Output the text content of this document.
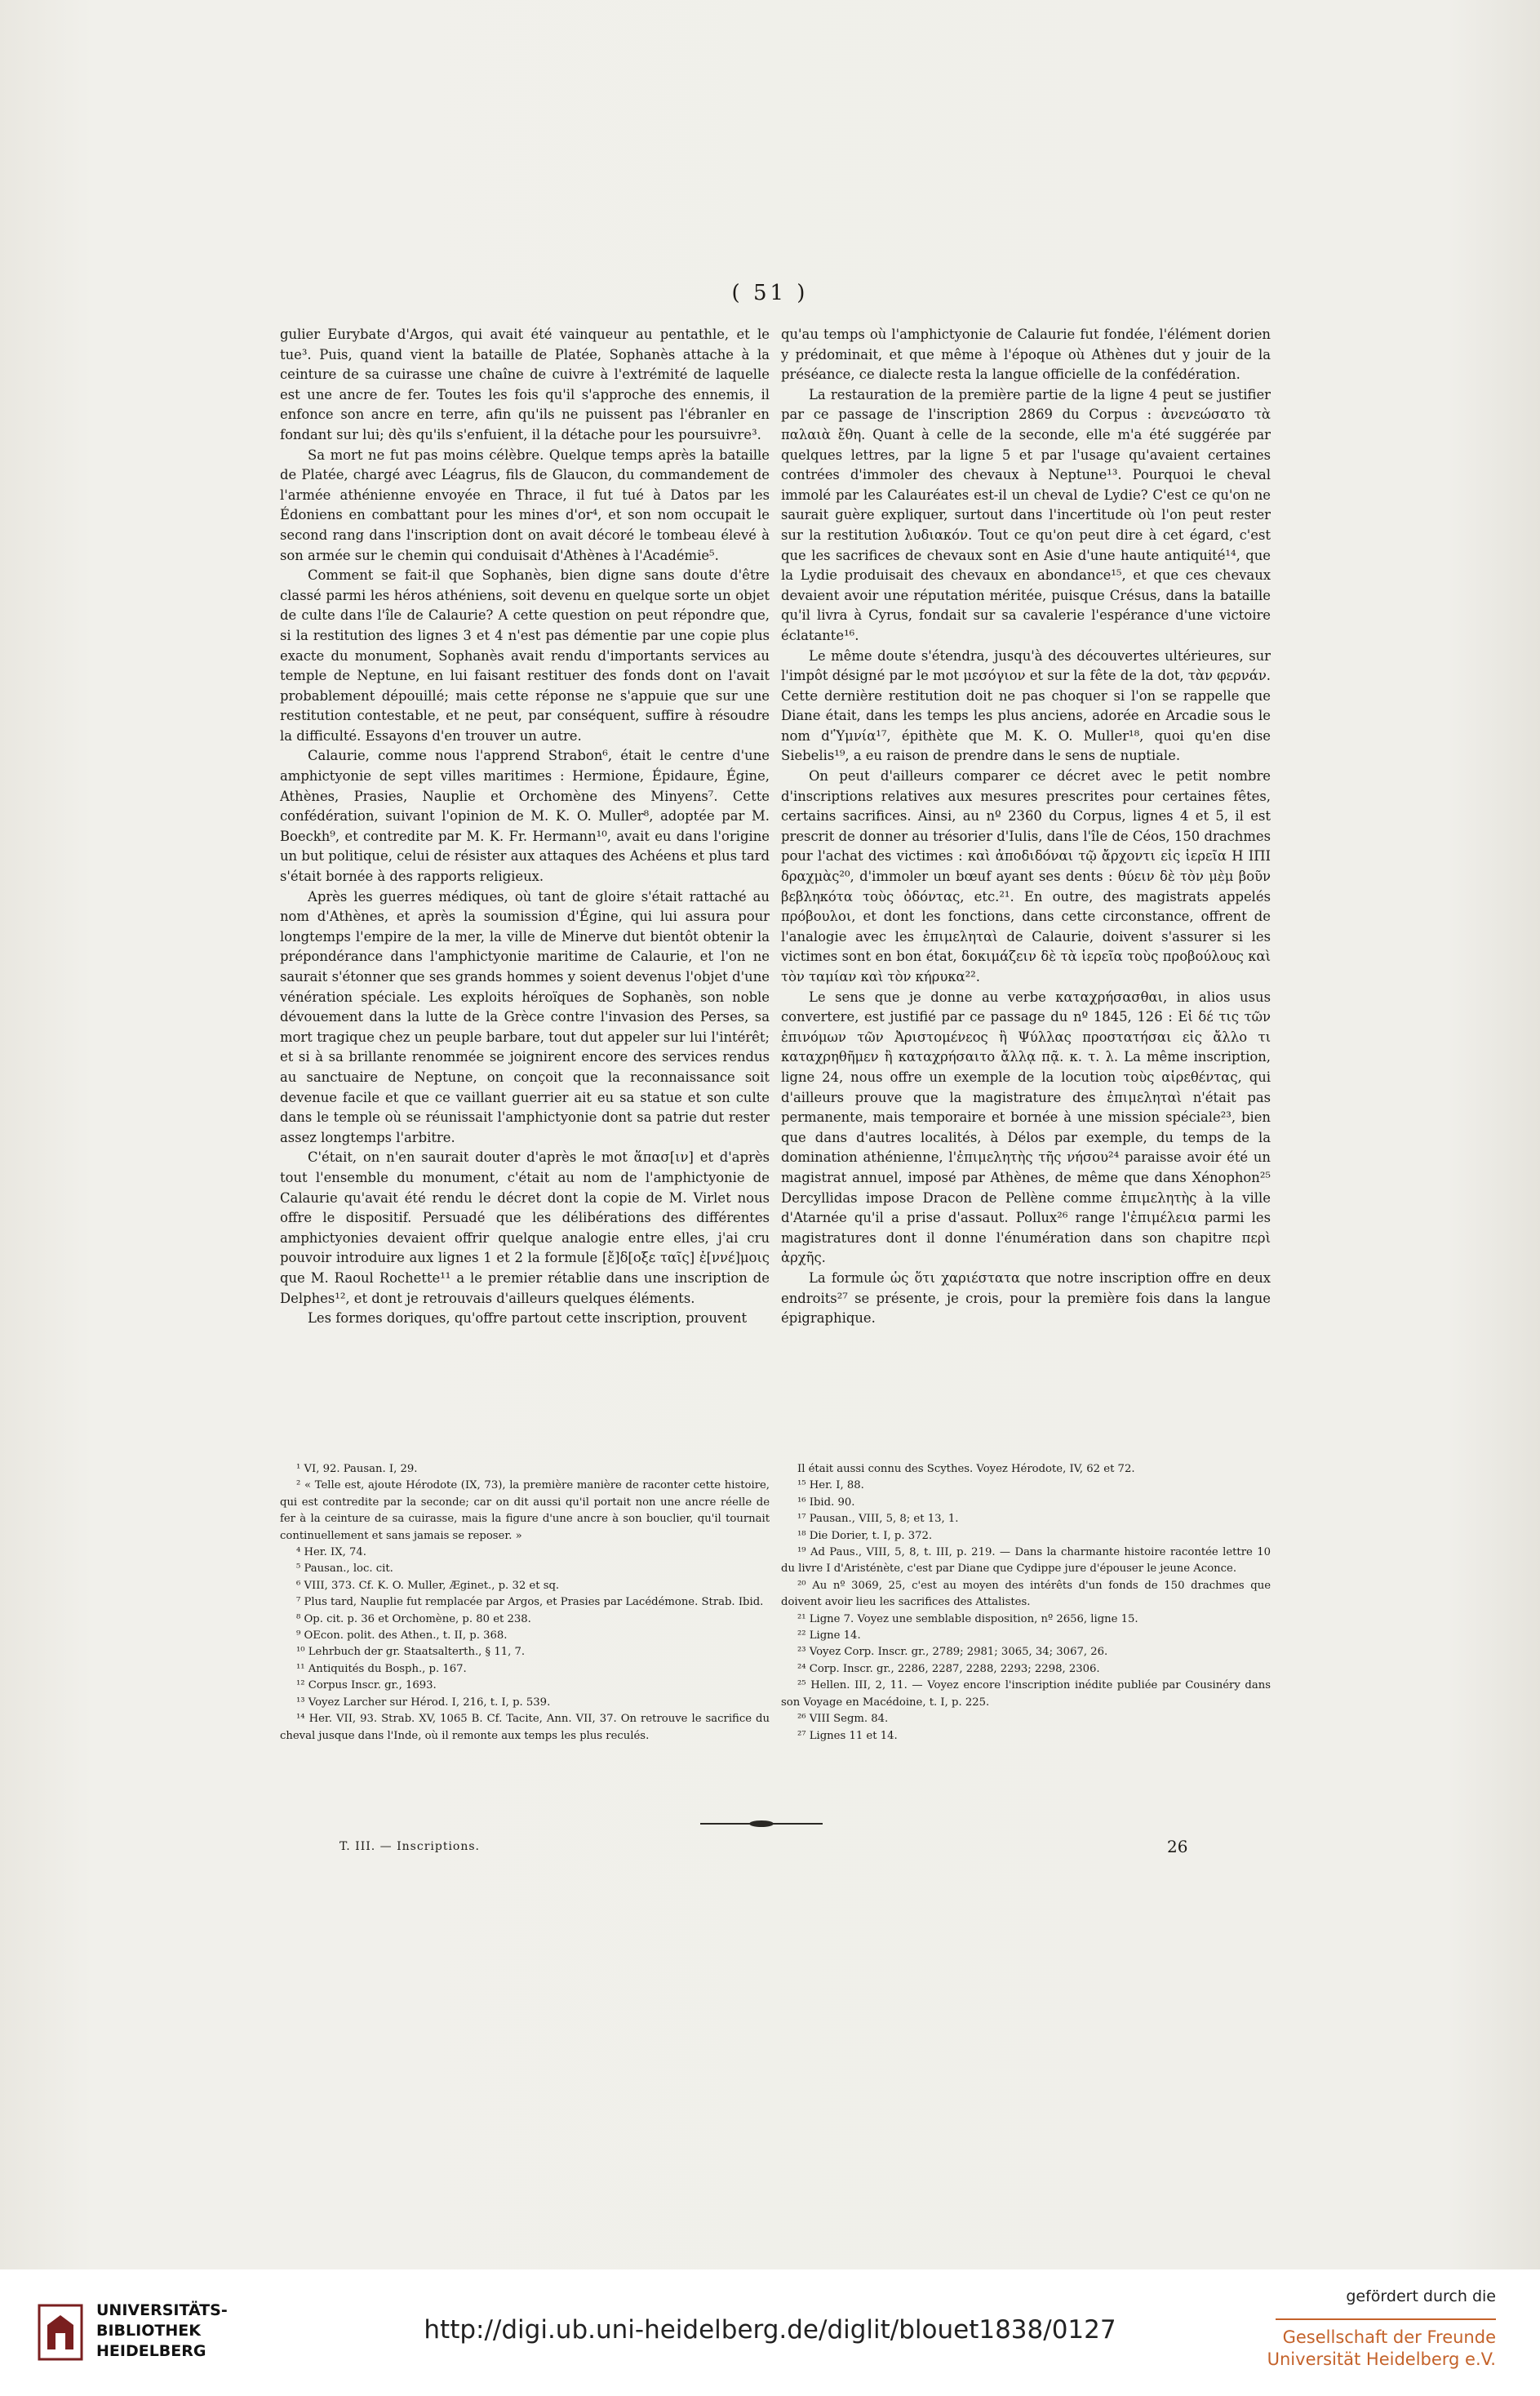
( 51 )

gulier Eurybate d'Argos, qui avait été vainqueur au pentathle, et le tue³. Puis, quand vient la bataille de Platée, Sophanès attache à la ceinture de sa cuirasse une chaîne de cuivre à l'extrémité de laquelle est une ancre de fer. Toutes les fois qu'il s'approche des ennemis, il enfonce son ancre en terre, afin qu'ils ne puissent pas l'ébranler en fondant sur lui; dès qu'ils s'enfuient, il la détache pour les poursuivre³.

Sa mort ne fut pas moins célèbre. Quelque temps après la bataille de Platée, chargé avec Léagrus, fils de Glaucon, du commandement de l'armée athénienne envoyée en Thrace, il fut tué à Datos par les Édoniens en combattant pour les mines d'or⁴, et son nom occupait le second rang dans l'inscription dont on avait décoré le tombeau élevé à son armée sur le chemin qui conduisait d'Athènes à l'Académie⁵.

Comment se fait-il que Sophanès, bien digne sans doute d'être classé parmi les héros athéniens, soit devenu en quelque sorte un objet de culte dans l'île de Calaurie? A cette question on peut répondre que, si la restitution des lignes 3 et 4 n'est pas démentie par une copie plus exacte du monument, Sophanès avait rendu d'importants services au temple de Neptune, en lui faisant restituer des fonds dont on l'avait probablement dépouillé; mais cette réponse ne s'appuie que sur une restitution contestable, et ne peut, par conséquent, suffire à résoudre la difficulté. Essayons d'en trouver un autre.

Calaurie, comme nous l'apprend Strabon⁶, était le centre d'une amphictyonie de sept villes maritimes : Hermione, Épidaure, Égine, Athènes, Prasies, Nauplie et Orchomène des Minyens⁷. Cette confédération, suivant l'opinion de M. K. O. Muller⁸, adoptée par M. Boeckh⁹, et contredite par M. K. Fr. Hermann¹⁰, avait eu dans l'origine un but politique, celui de résister aux attaques des Achéens et plus tard s'était bornée à des rapports religieux.

Après les guerres médiques, où tant de gloire s'était rattaché au nom d'Athènes, et après la soumission d'Égine, qui lui assura pour longtemps l'empire de la mer, la ville de Minerve dut bientôt obtenir la prépondérance dans l'amphictyonie maritime de Calaurie, et l'on ne saurait s'étonner que ses grands hommes y soient devenus l'objet d'une vénération spéciale. Les exploits héroïques de Sophanès, son noble dévouement dans la lutte de la Grèce contre l'invasion des Perses, sa mort tragique chez un peuple barbare, tout dut appeler sur lui l'intérêt; et si à sa brillante renommée se joignirent encore des services rendus au sanctuaire de Neptune, on conçoit que la reconnaissance soit devenue facile et que ce vaillant guerrier ait eu sa statue et son culte dans le temple où se réunissait l'amphictyonie dont sa patrie dut rester assez longtemps l'arbitre.

C'était, on n'en saurait douter d'après le mot ἅπασ[ιν] et d'après tout l'ensemble du monument, c'était au nom de l'amphictyonie de Calaurie qu'avait été rendu le décret dont la copie de M. Virlet nous offre le dispositif. Persuadé que les délibérations des différentes amphictyonies devaient offrir quelque analogie entre elles, j'ai cru pouvoir introduire aux lignes 1 et 2 la formule [ἔ]δ[οξε ταῖς] ἐ[ννέ]μοις que M. Raoul Rochette¹¹ a le premier rétablie dans une inscription de Delphes¹², et dont je retrouvais d'ailleurs quelques éléments.

Les formes doriques, qu'offre partout cette inscription, prouvent

qu'au temps où l'amphictyonie de Calaurie fut fondée, l'élément dorien y prédominait, et que même à l'époque où Athènes dut y jouir de la préséance, ce dialecte resta la langue officielle de la confédération.

La restauration de la première partie de la ligne 4 peut se justifier par ce passage de l'inscription 2869 du Corpus : ἀνενεώσατο τὰ παλαιὰ ἔθη. Quant à celle de la seconde, elle m'a été suggérée par quelques lettres, par la ligne 5 et par l'usage qu'avaient certaines contrées d'immoler des chevaux à Neptune¹³. Pourquoi le cheval immolé par les Calauréates est-il un cheval de Lydie? C'est ce qu'on ne saurait guère expliquer, surtout dans l'incertitude où l'on peut rester sur la restitution λυδιακόν. Tout ce qu'on peut dire à cet égard, c'est que les sacrifices de chevaux sont en Asie d'une haute antiquité¹⁴, que la Lydie produisait des chevaux en abondance¹⁵, et que ces chevaux devaient avoir une réputation méritée, puisque Crésus, dans la bataille qu'il livra à Cyrus, fondait sur sa cavalerie l'espérance d'une victoire éclatante¹⁶.

Le même doute s'étendra, jusqu'à des découvertes ultérieures, sur l'impôt désigné par le mot μεσόγιον et sur la fête de la dot, τὰν φερνάν. Cette dernière restitution doit ne pas choquer si l'on se rappelle que Diane était, dans les temps les plus anciens, adorée en Arcadie sous le nom d'Ὑμνία¹⁷, épithète que M. K. O. Muller¹⁸, quoi qu'en dise Siebelis¹⁹, a eu raison de prendre dans le sens de nuptiale.

On peut d'ailleurs comparer ce décret avec le petit nombre d'inscriptions relatives aux mesures prescrites pour certaines fêtes, certains sacrifices. Ainsi, au nº 2360 du Corpus, lignes 4 et 5, il est prescrit de donner au trésorier d'Iulis, dans l'île de Céos, 150 drachmes pour l'achat des victimes : καὶ ἀποδιδόναι τῷ ἄρχοντι εἰς ἱερεῖα Η ΙΠΙ δραχμὰς²⁰, d'immoler un bœuf ayant ses dents : θύειν δὲ τὸν μὲμ βοῦν βεβληκότα τοὺς ὀδόντας, etc.²¹. En outre, des magistrats appelés πρόβουλοι, et dont les fonctions, dans cette circonstance, offrent de l'analogie avec les ἐπιμεληταὶ de Calaurie, doivent s'assurer si les victimes sont en bon état, δοκιμάζειν δὲ τὰ ἱερεῖα τοὺς προβούλους καὶ τὸν ταμίαν καὶ τὸν κήρυκα²².

Le sens que je donne au verbe καταχρήσασθαι, in alios usus convertere, est justifié par ce passage du nº 1845, 126 : Εἰ δέ τις τῶν ἐπινόμων τῶν Ἀριστομένεος ἢ Ψύλλας προστατήσαι εἰς ἄλλο τι καταχρηθῆμεν ἢ καταχρήσαιτο ἄλλᾳ πᾷ. κ. τ. λ. La même inscription, ligne 24, nous offre un exemple de la locution τοὺς αἱρεθέντας, qui d'ailleurs prouve que la magistrature des ἐπιμεληταὶ n'était pas permanente, mais temporaire et bornée à une mission spéciale²³, bien que dans d'autres localités, à Délos par exemple, du temps de la domination athénienne, l'ἐπιμελητὴς τῆς νήσου²⁴ paraisse avoir été un magistrat annuel, imposé par Athènes, de même que dans Xénophon²⁵ Dercyllidas impose Dracon de Pellène comme ἐπιμελητὴς à la ville d'Atarnée qu'il a prise d'assaut. Pollux²⁶ range l'ἐπιμέλεια parmi les magistratures dont il donne l'énumération dans son chapitre περὶ ἀρχῆς.

La formule ὡς ὅτι χαριέστατα que notre inscription offre en deux endroits²⁷ se présente, je crois, pour la première fois dans la langue épigraphique.

¹ VI, 92. Pausan. I, 29.

² « Telle est, ajoute Hérodote (IX, 73), la première manière de raconter cette histoire, qui est contredite par la seconde; car on dit aussi qu'il portait non une ancre réelle de fer à la ceinture de sa cuirasse, mais la figure d'une ancre à son bouclier, qu'il tournait continuellement et sans jamais se reposer. »

⁴ Her. IX, 74.

⁵ Pausan., loc. cit.

⁶ VIII, 373. Cf. K. O. Muller, Æginet., p. 32 et sq.

⁷ Plus tard, Nauplie fut remplacée par Argos, et Prasies par Lacédémone. Strab. Ibid.

⁸ Op. cit. p. 36 et Orchomène, p. 80 et 238.

⁹ OEcon. polit. des Athen., t. II, p. 368.

¹⁰ Lehrbuch der gr. Staatsalterth., § 11, 7.

¹¹ Antiquités du Bosph., p. 167.

¹² Corpus Inscr. gr., 1693.

¹³ Voyez Larcher sur Hérod. I, 216, t. I, p. 539.

¹⁴ Her. VII, 93. Strab. XV, 1065 B. Cf. Tacite, Ann. VII, 37. On retrouve le sacrifice du cheval jusque dans l'Inde, où il remonte aux temps les plus reculés.

Il était aussi connu des Scythes. Voyez Hérodote, IV, 62 et 72.

¹⁵ Her. I, 88.

¹⁶ Ibid. 90.

¹⁷ Pausan., VIII, 5, 8; et 13, 1.

¹⁸ Die Dorier, t. I, p. 372.

¹⁹ Ad Paus., VIII, 5, 8, t. III, p. 219. — Dans la charmante histoire racontée lettre 10 du livre I d'Aristénète, c'est par Diane que Cydippe jure d'épouser le jeune Aconce.

²⁰ Au nº 3069, 25, c'est au moyen des intérêts d'un fonds de 150 drachmes que doivent avoir lieu les sacrifices des Attalistes.

²¹ Ligne 7. Voyez une semblable disposition, nº 2656, ligne 15.

²² Ligne 14.

²³ Voyez Corp. Inscr. gr., 2789; 2981; 3065, 34; 3067, 26.

²⁴ Corp. Inscr. gr., 2286, 2287, 2288, 2293; 2298, 2306.

²⁵ Hellen. III, 2, 11. — Voyez encore l'inscription inédite publiée par Cousinéry dans son Voyage en Macédoine, t. I, p. 225.

²⁶ VIII Segm. 84.

²⁷ Lignes 11 et 14.

T. III. — Inscriptions.	26
UNIVERSITÄTS-
BIBLIOTHEK
HEIDELBERG
http://digi.ub.uni-heidelberg.de/diglit/blouet1838/0127
gefördert durch die
Gesellschaft der Freunde
Universität Heidelberg e.V.
